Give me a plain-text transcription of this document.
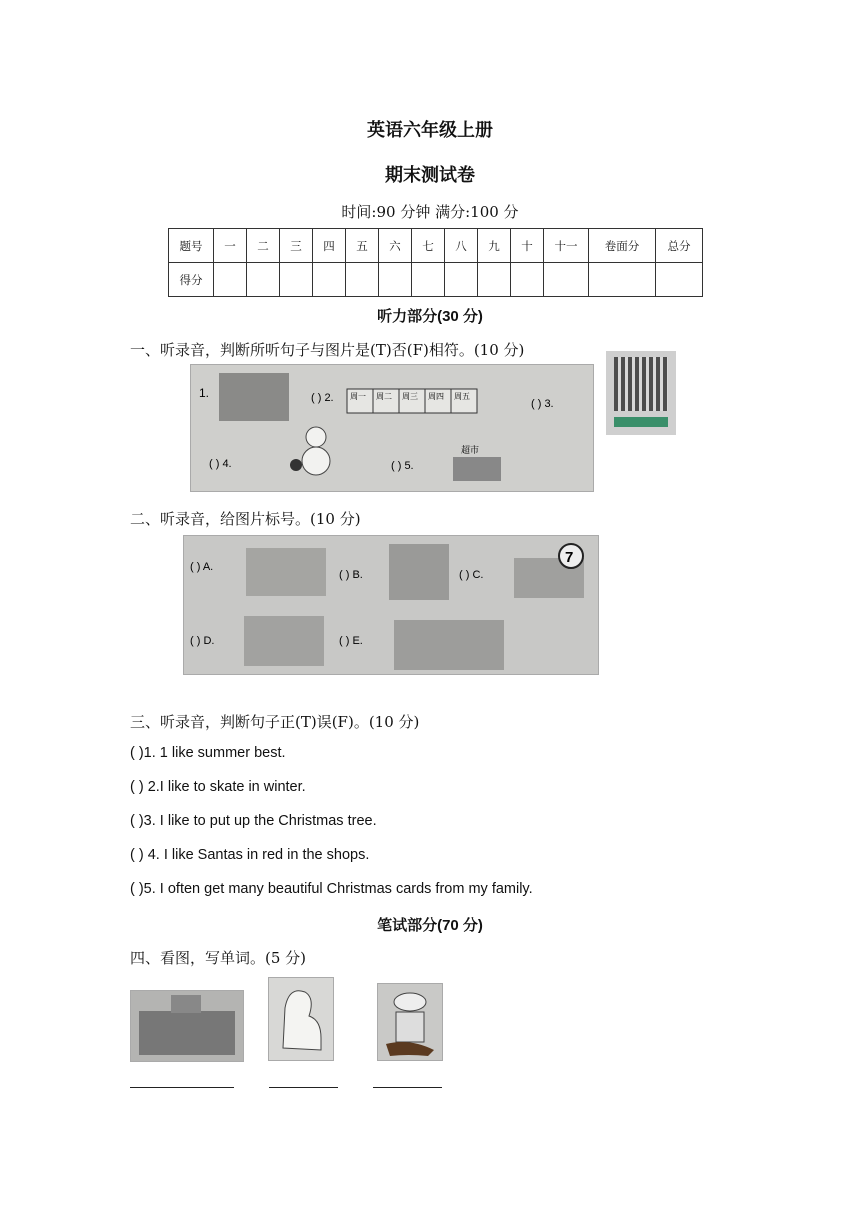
英语六年级上册
期末测试卷
时间:90 分钟 满分:100 分
题号	一	二	三	四	五	六	七	八	九	十	十一	卷面分	总分
得分													
听力部分(30 分)
一、听录音，判断所听句子与图片是(T)否(F)相符。(10 分)
1.	( ) 2. 周一 周二 周三 周四 周五
( ) 3.
( ) 4.	( ) 5.
超市
二、听录音，给图片标号。(10 分)
( ) A.
( ) B.	( ) C.
( ) D.	( ) E.
7
三、听录音，判断句子正(T)误(F)。(10 分)
( )1. 1 like summer best.
( ) 2.I like to skate in winter.
( )3. I like to put up the Christmas tree.
( ) 4. I like Santas in red in the shops.
( )5. I often get many beautiful Christmas cards from my family.
笔试部分(70 分)
四、看图，写单词。(5 分)
